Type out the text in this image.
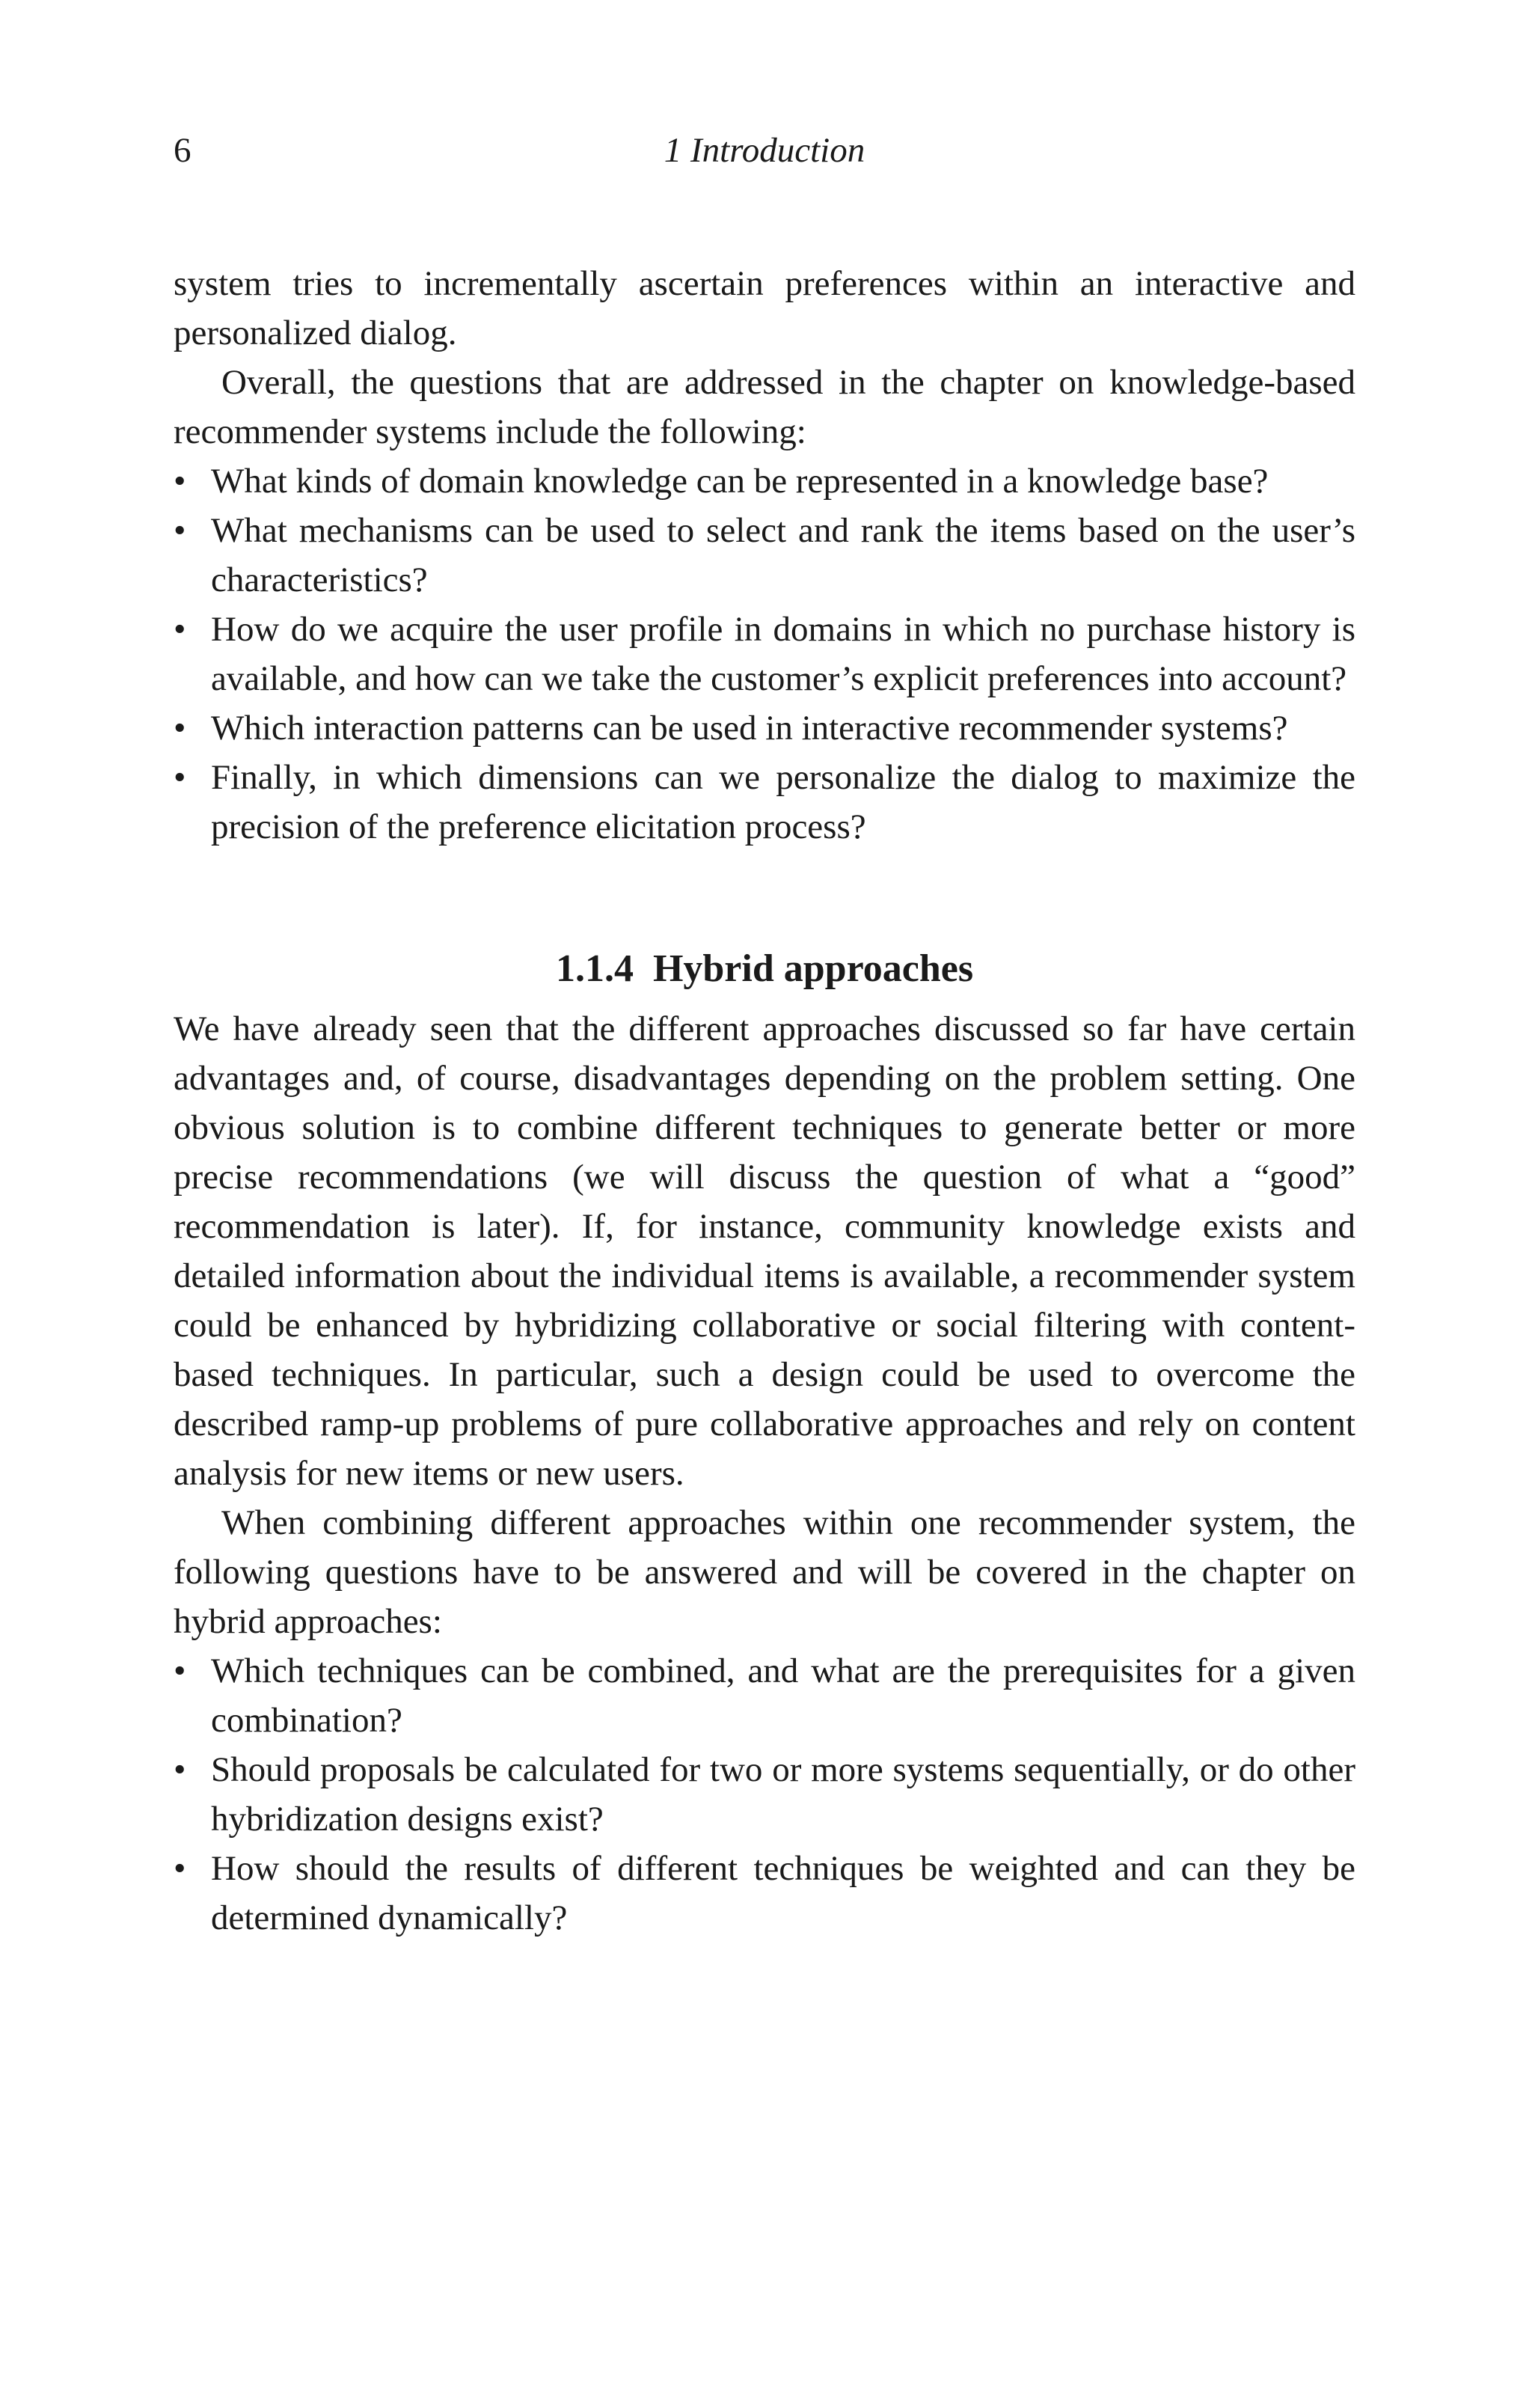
6	1 Introduction

system tries to incrementally ascertain preferences within an interactive and personalized dialog.

Overall, the questions that are addressed in the chapter on knowledge-based recommender systems include the following:

• What kinds of domain knowledge can be represented in a knowledge base?
• What mechanisms can be used to select and rank the items based on the user’s characteristics?
• How do we acquire the user profile in domains in which no purchase history is available, and how can we take the customer’s explicit preferences into account?
• Which interaction patterns can be used in interactive recommender systems?
• Finally, in which dimensions can we personalize the dialog to maximize the precision of the preference elicitation process?
1.1.4 Hybrid approaches

We have already seen that the different approaches discussed so far have certain advantages and, of course, disadvantages depending on the problem setting. One obvious solution is to combine different techniques to generate better or more precise recommendations (we will discuss the question of what a “good” recommendation is later). If, for instance, community knowledge exists and detailed information about the individual items is available, a recommender system could be enhanced by hybridizing collaborative or social filtering with content-based techniques. In particular, such a design could be used to overcome the described ramp-up problems of pure collaborative approaches and rely on content analysis for new items or new users.

When combining different approaches within one recommender system, the following questions have to be answered and will be covered in the chapter on hybrid approaches:

• Which techniques can be combined, and what are the prerequisites for a given combination?
• Should proposals be calculated for two or more systems sequentially, or do other hybridization designs exist?
• How should the results of different techniques be weighted and can they be determined dynamically?
